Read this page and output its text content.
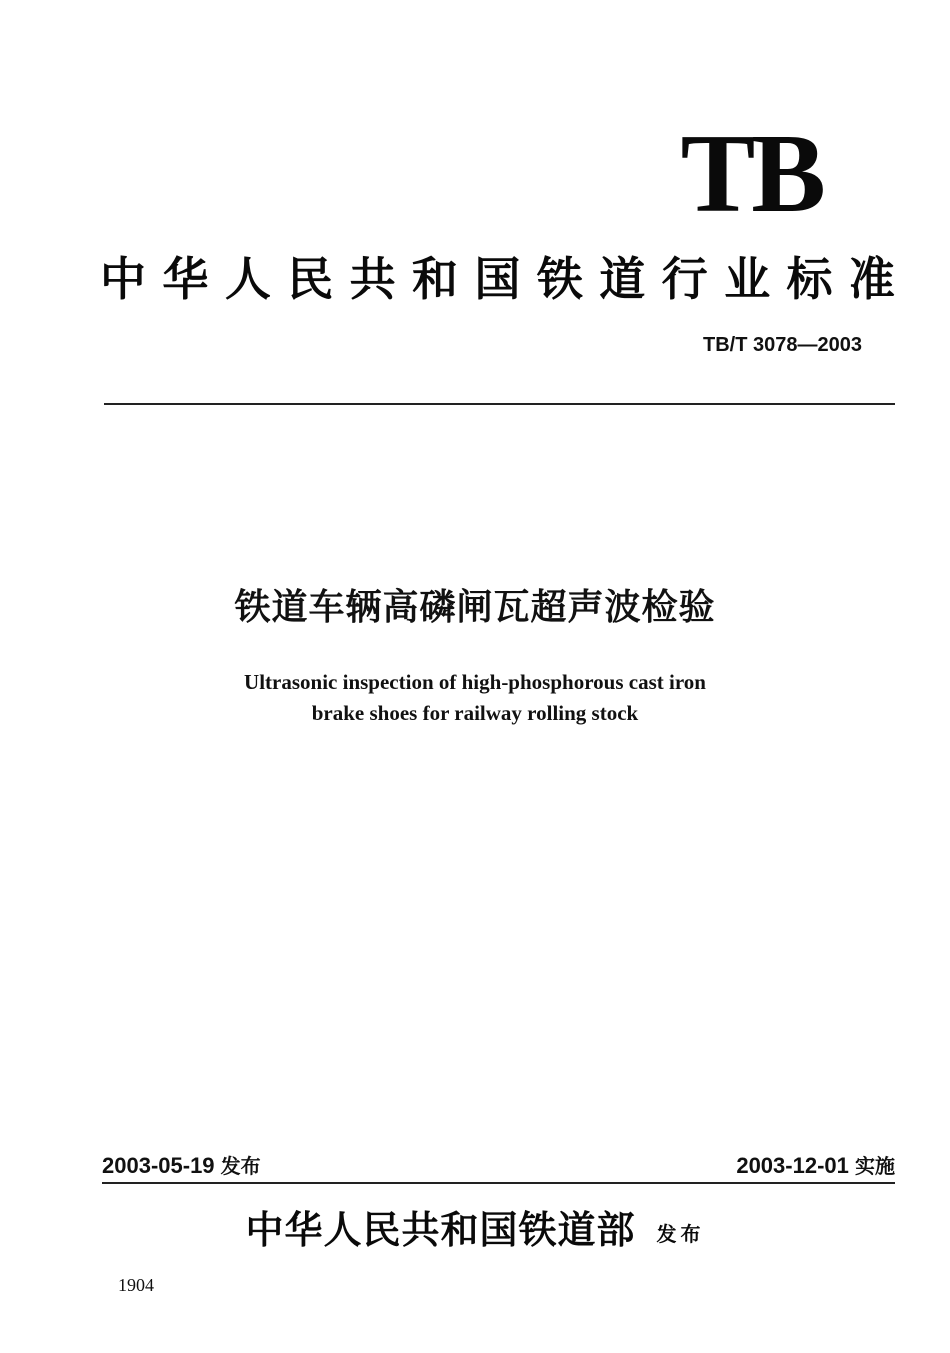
TB
中 华 人 民 共 和 国 铁 道 行 业 标 准
TB/T 3078—2003
铁道车辆高磷闸瓦超声波检验
Ultrasonic inspection of high-phosphorous cast iron
brake shoes for railway rolling stock
2003-05-19 发布	2003-12-01 实施
中华人民共和国铁道部 发布
1904
